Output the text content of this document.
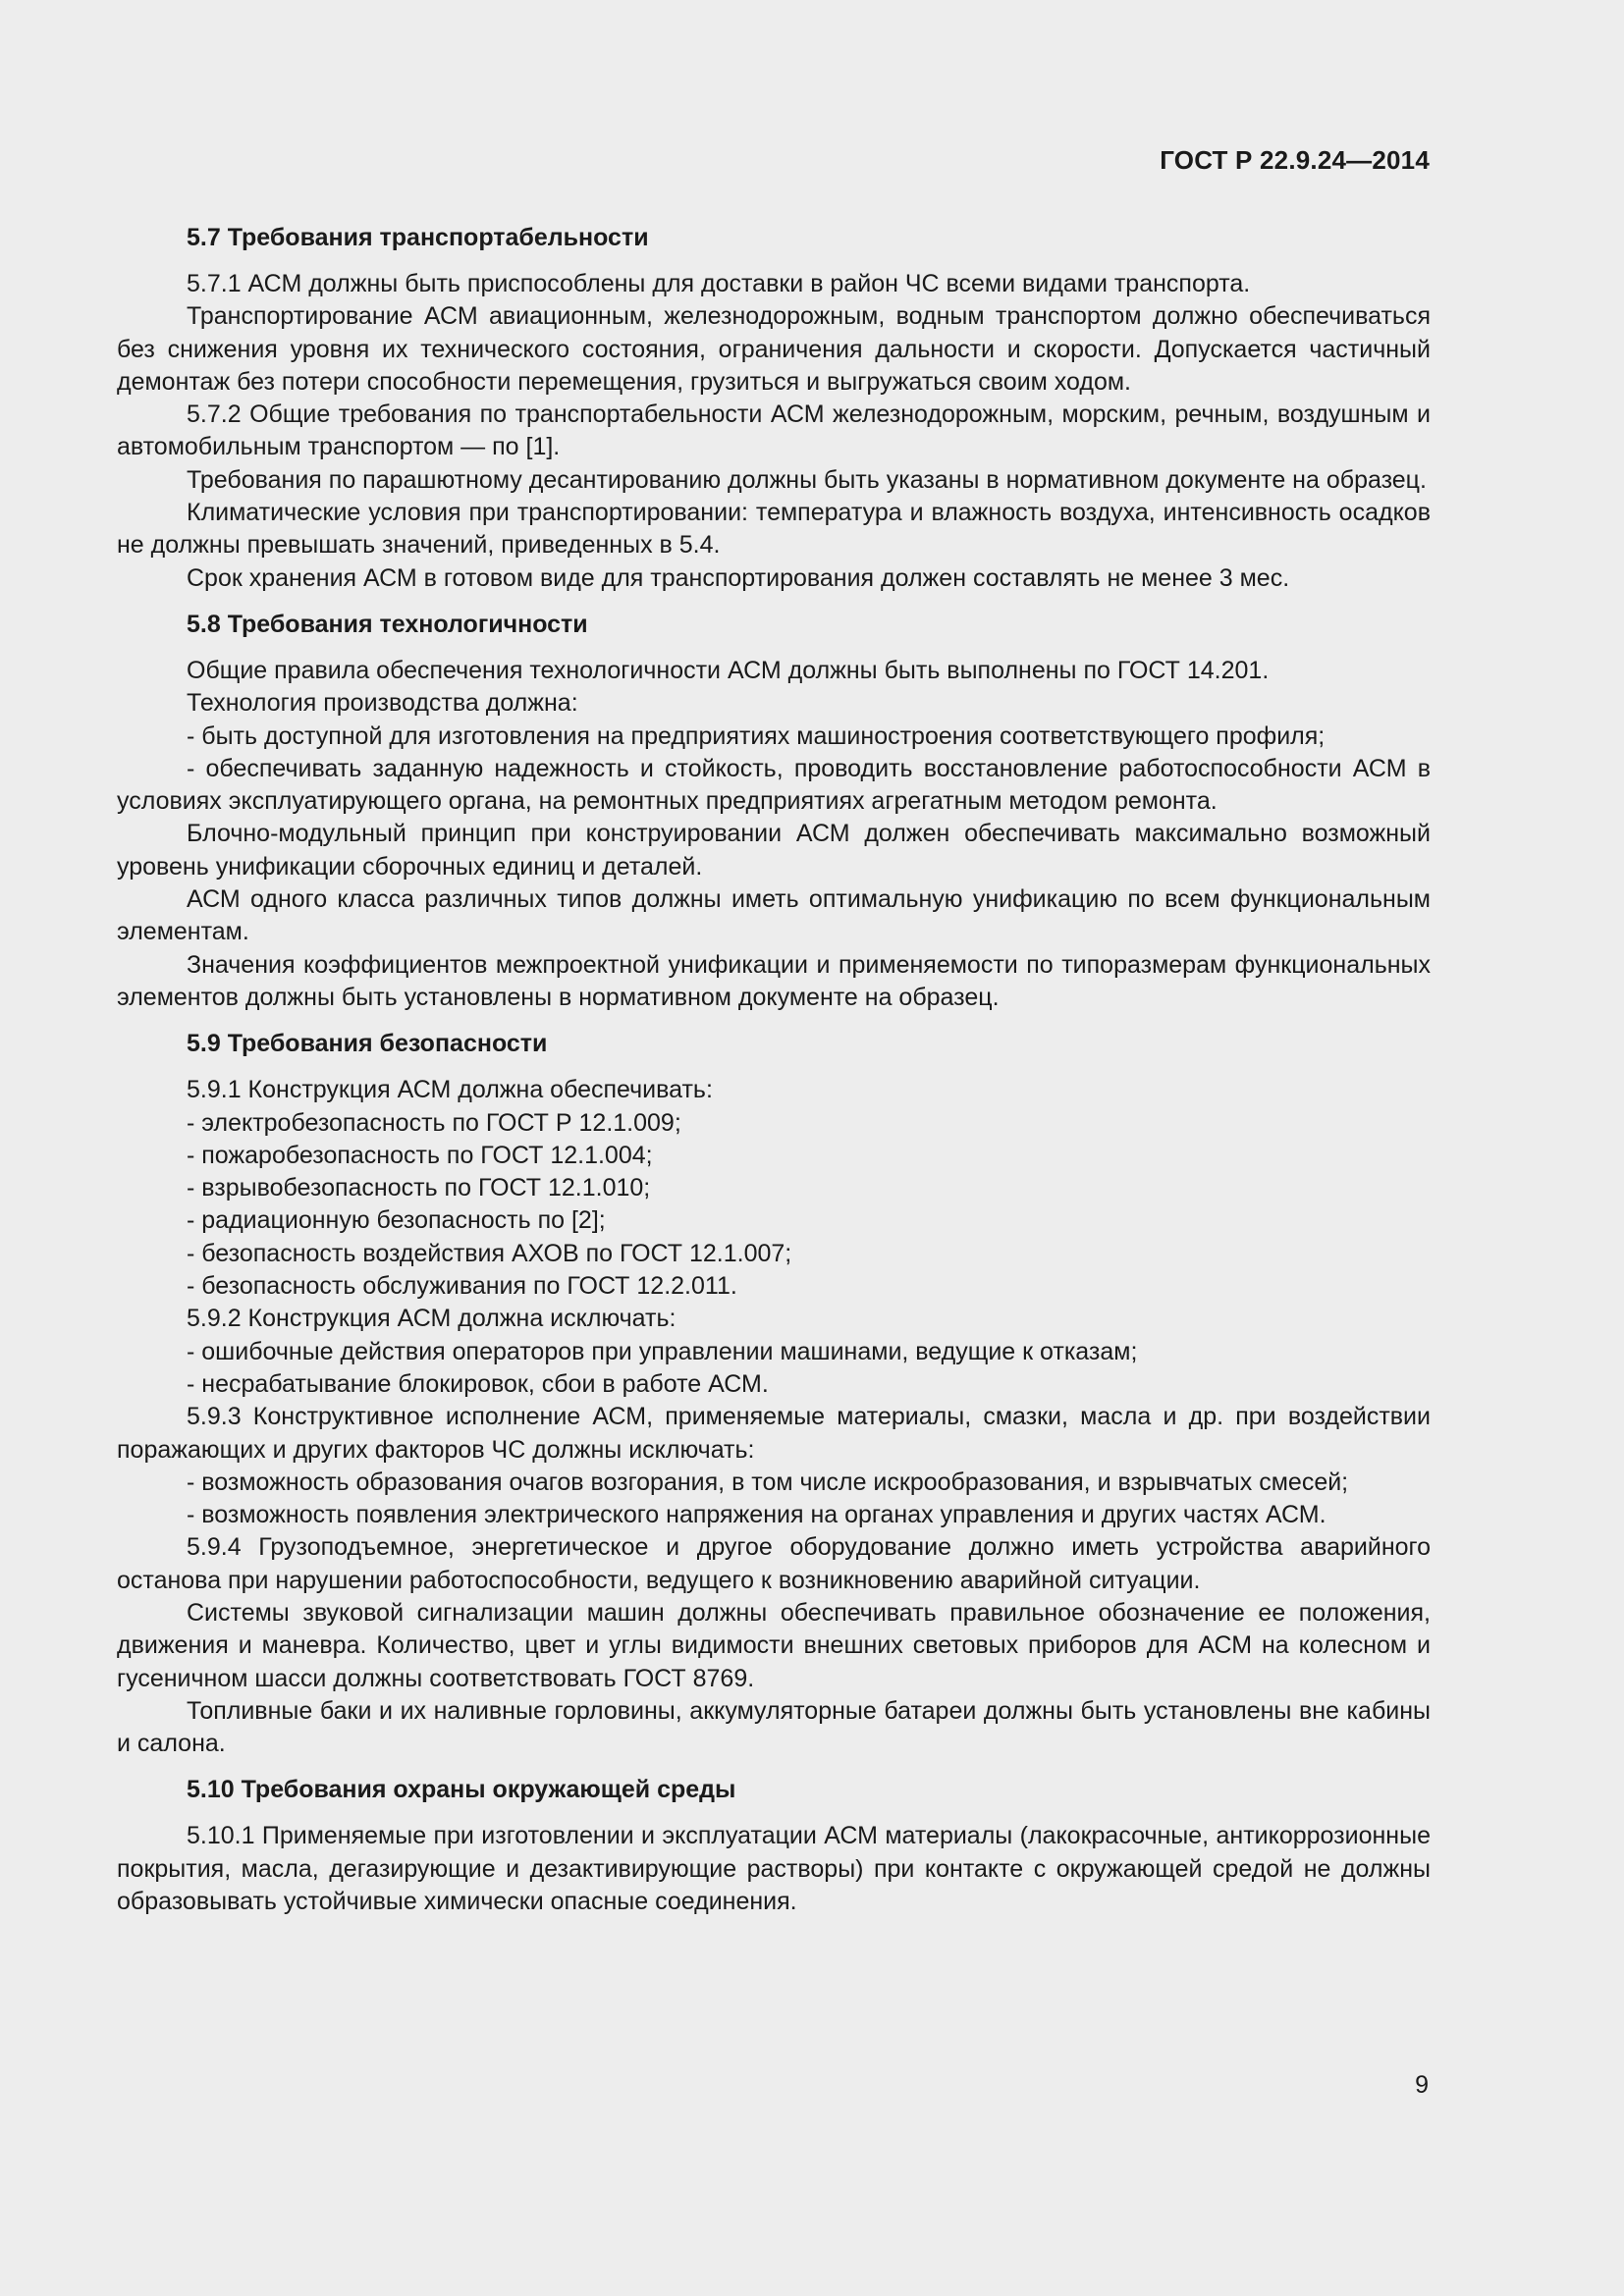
ГОСТ Р 22.9.24—2014
5.7 Требования транспортабельности

5.7.1 АСМ должны быть приспособлены для доставки в район ЧС всеми видами транспорта.

Транспортирование АСМ авиационным, железнодорожным, водным транспортом должно обеспечиваться без снижения уровня их технического состояния, ограничения дальности и скорости. Допускается частичный демонтаж без потери способности перемещения, грузиться и выгружаться своим ходом.

5.7.2 Общие требования по транспортабельности АСМ железнодорожным, морским, речным, воздушным и автомобильным транспортом — по [1].

Требования по парашютному десантированию должны быть указаны в нормативном документе на образец.

Климатические условия при транспортировании: температура и влажность воздуха, интенсивность осадков не должны превышать значений, приведенных в 5.4.

Срок хранения АСМ в готовом виде для транспортирования должен составлять не менее 3 мес.

5.8 Требования технологичности

Общие правила обеспечения технологичности АСМ должны быть выполнены по ГОСТ 14.201.

Технология производства должна:

- быть доступной для изготовления на предприятиях машиностроения соответствующего профиля;

- обеспечивать заданную надежность и стойкость, проводить восстановление работоспособности АСМ в условиях эксплуатирующего органа, на ремонтных предприятиях агрегатным методом ремонта.

Блочно-модульный принцип при конструировании АСМ должен обеспечивать максимально возможный уровень унификации сборочных единиц и деталей.

АСМ одного класса различных типов должны иметь оптимальную унификацию по всем функциональным элементам.

Значения коэффициентов межпроектной унификации и применяемости по типоразмерам функциональных элементов должны быть установлены в нормативном документе на образец.

5.9 Требования безопасности

5.9.1 Конструкция АСМ должна обеспечивать:

- электробезопасность по ГОСТ Р 12.1.009;

- пожаробезопасность по ГОСТ 12.1.004;

- взрывобезопасность по ГОСТ 12.1.010;

- радиационную безопасность по [2];

- безопасность воздействия АХОВ по ГОСТ 12.1.007;

- безопасность обслуживания по ГОСТ 12.2.011.

5.9.2 Конструкция АСМ должна исключать:

- ошибочные действия операторов при управлении машинами, ведущие к отказам;

- несрабатывание блокировок, сбои в работе АСМ.

5.9.3 Конструктивное исполнение АСМ, применяемые материалы, смазки, масла и др. при воздействии поражающих и других факторов ЧС должны исключать:

- возможность образования очагов возгорания, в том числе искрообразования, и взрывчатых смесей;

- возможность появления электрического напряжения на органах управления и других частях АСМ.

5.9.4 Грузоподъемное, энергетическое и другое оборудование должно иметь устройства аварийного останова при нарушении работоспособности, ведущего к возникновению аварийной ситуации.

Системы звуковой сигнализации машин должны обеспечивать правильное обозначение ее положения, движения и маневра. Количество, цвет и углы видимости внешних световых приборов для АСМ на колесном и гусеничном шасси должны соответствовать ГОСТ 8769.

Топливные баки и их наливные горловины, аккумуляторные батареи должны быть установлены вне кабины и салона.

5.10 Требования охраны окружающей среды

5.10.1 Применяемые при изготовлении и эксплуатации АСМ материалы (лакокрасочные, антикоррозионные покрытия, масла, дегазирующие и дезактивирующие растворы) при контакте с окружающей средой не должны образовывать устойчивые химически опасные соединения.

9
